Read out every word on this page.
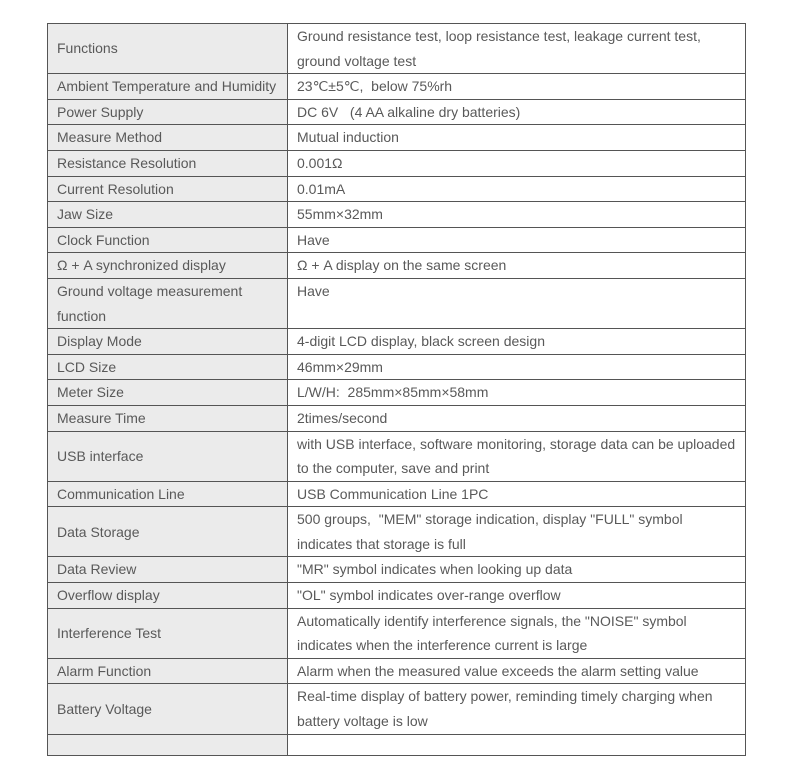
Functions	Ground resistance test, loop resistance test, leakage current test, ground voltage test
Ambient Temperature and Humidity	23℃±5℃,  below 75%rh
Power Supply	DC 6V   (4 AA alkaline dry batteries)
Measure Method	Mutual induction
Resistance Resolution	0.001Ω
Current Resolution	0.01mA
Jaw Size	55mm×32mm
Clock Function	Have
Ω + A synchronized display	Ω + A display on the same screen
Ground voltage measurement function	Have
Display Mode	4-digit LCD display, black screen design
LCD Size	46mm×29mm
Meter Size	L/W/H:  285mm×85mm×58mm
Measure Time	2times/second
USB interface	with USB interface, software monitoring, storage data can be uploaded to the computer, save and print
Communication Line	USB Communication Line 1PC
Data Storage	500 groups,  "MEM" storage indication, display "FULL" symbol indicates that storage is full
Data Review	"MR" symbol indicates when looking up data
Overflow display	"OL" symbol indicates over-range overflow
Interference Test	Automatically identify interference signals, the "NOISE" symbol indicates when the interference current is large
Alarm Function	Alarm when the measured value exceeds the alarm setting value
Battery Voltage	Real-time display of battery power, reminding timely charging when battery voltage is low
